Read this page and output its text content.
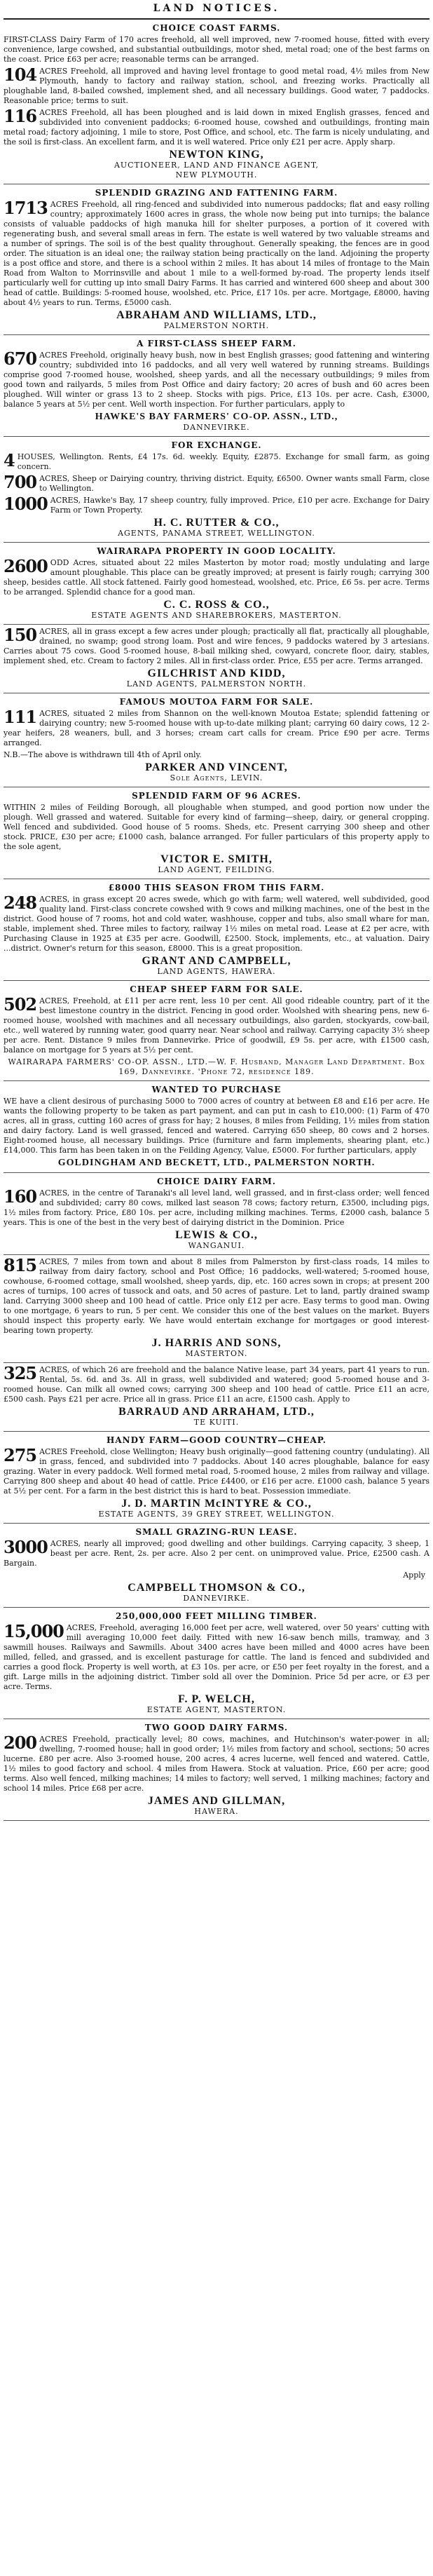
LAND NOTICES.
CHOICE COAST FARMS.
FIRST-CLASS Dairy Farm of 170 acres freehold, all well improved, new 7-roomed house, fitted with every convenience, large cowshed, and substantial outbuildings, motor shed, metal road; one of the best farms on the coast. Price £63 per acre; reasonable terms can be arranged.
104 ACRES Freehold, all improved and having level frontage to good metal road, 4½ miles from New Plymouth, handy to factory and railway station, school, and freezing works. Practically all ploughable land, 8-bailed cowshed, implement shed, and all necessary buildings. Good water, 7 paddocks. Reasonable price; terms to suit.
116 ACRES Freehold, all has been ploughed and is laid down in mixed English grasses, fenced and subdivided into convenient paddocks; 6-roomed house, cowshed and outbuildings, fronting main metal road; factory adjoining, 1 mile to store, Post Office, and school, etc. The farm is nicely undulating, and the soil is first-class. An excellent farm, and it is well watered. Price only £21 per acre. Apply sharp.
NEWTON KING,
AUCTIONEER, LAND AND FINANCE AGENT,
NEW PLYMOUTH.
SPLENDID GRAZING AND FATTENING FARM.
1713 ACRES Freehold, all ring-fenced and subdivided into numerous paddocks; flat and easy rolling country; approximately 1600 acres in grass, the whole now being put into turnips; the balance consists of valuable paddocks of high manuka hill for shelter purposes, a portion of it covered with regenerating bush, and several small areas in fern. The estate is well watered by two valuable streams and a number of springs. The soil is of the best quality throughout. Generally speaking, the fences are in good order. The situation is an ideal one; the railway station being practically on the land. Adjoining the property is a post office and store, and there is a school within 2 miles. It has about 14 miles of frontage to the Main Road from Walton to Morrinsville and about 1 mile to a well-formed by-road. The property lends itself particularly well for cutting up into small Dairy Farms. It has carried and wintered 600 sheep and about 300 head of cattle. Buildings: 5-roomed house, woolshed, etc. Price, £17 10s. per acre. Mortgage, £8000, having about 4½ years to run. Terms, £5000 cash.
ABRAHAM AND WILLIAMS, LTD.,
PALMERSTON NORTH.
A FIRST-CLASS SHEEP FARM.
670 ACRES Freehold, originally heavy bush, now in best English grasses; good fattening and wintering country; subdivided into 16 paddocks, and all very well watered by running streams. Buildings comprise good 7-roomed house, woolshed, sheep yards, and all the necessary outbuildings; 9 miles from good town and railyards, 5 miles from Post Office and dairy factory; 20 acres of bush and 60 acres been ploughed. Will winter or grass 13 to 2 sheep. Stocks with pigs. Price, £13 10s. per acre. Cash, £3000, balance 5 years at 5½ per cent. Well worth inspection. For further particulars, apply to
HAWKE'S BAY FARMERS' CO-OP. ASSN., LTD.,
DANNEVIRKE.
FOR EXCHANGE.
4 HOUSES, Wellington. Rents, £4 17s. 6d. weekly. Equity, £2875. Exchange for small farm, as going concern.
700 ACRES, Sheep or Dairying country, thriving district. Equity, £6500. Owner wants small Farm, close to Wellington.
1000 ACRES, Hawke's Bay, 17 sheep country, fully improved. Price, £10 per acre. Exchange for Dairy Farm or Town Property.
H. C. RUTTER & CO.,
AGENTS, PANAMA STREET, WELLINGTON.
WAIRARAPA PROPERTY IN GOOD LOCALITY.
2600 ODD Acres, situated about 22 miles Masterton by motor road; mostly undulating and large amount ploughable. This place can be greatly improved; at present is fairly rough; carrying 300 sheep, besides cattle. All stock fattened. Fairly good homestead, woolshed, etc. Price, £6 5s. per acre. Terms to be arranged. Splendid chance for a good man.
C. C. ROSS & CO.,
ESTATE AGENTS AND SHAREBROKERS, MASTERTON.
150 ACRES, all in grass except a few acres under plough; practically all flat, practically all ploughable, drained, no swamp; good strong loam. Post and wire fences, 9 paddocks watered by 3 artesians. Carries about 75 cows. Good 5-roomed house, 8-bail milking shed, cowyard, concrete floor, dairy, stables, implement shed, etc. Cream to factory 2 miles. All in first-class order. Price, £55 per acre. Terms arranged.
GILCHRIST AND KIDD,
LAND AGENTS, PALMERSTON NORTH.
FAMOUS MOUTOA FARM FOR SALE.
111 ACRES, situated 2 miles from Shannon on the well-known Moutoa Estate; splendid fattening or dairying country; new 5-roomed house with up-to-date milking plant; carrying 60 dairy cows, 12 2-year heifers, 28 weaners, bull, and 3 horses; cream cart calls for cream. Price £90 per acre. Terms arranged.
N.B.—The above is withdrawn till 4th of April only.
PARKER AND VINCENT,
Sole Agents, LEVIN.
SPLENDID FARM OF 96 ACRES.
WITHIN 2 miles of Feilding Borough, all ploughable when stumped, and good portion now under the plough. Well grassed and watered. Suitable for every kind of farming—sheep, dairy, or general cropping. Well fenced and subdivided. Good house of 5 rooms. Sheds, etc. Present carrying 300 sheep and other stock. PRICE, £30 per acre; £1000 cash, balance arranged. For fuller particulars of this property apply to the sole agent,
VICTOR E. SMITH,
LAND AGENT, FEILDING.
£8000 THIS SEASON FROM THIS FARM.
248 ACRES, in grass except 20 acres swede, which go with farm; well watered, well subdivided, good quality land. First-class concrete cowshed with 9 cows and milking machines, one of the best in the district. Good house of 7 rooms, hot and cold water, washhouse, copper and tubs, also small whare for man, stable, implement shed. Three miles to factory, railway 1½ miles on metal road. Lease at £2 per acre, with Purchasing Clause in 1925 at £35 per acre. Goodwill, £2500. Stock, implements, etc., at valuation. Dairy ...district. Owner's return for this season, £8000. This is a great proposition.
GRANT AND CAMPBELL,
LAND AGENTS, HAWERA.
CHEAP SHEEP FARM FOR SALE.
502 ACRES, Freehold, at £11 per acre rent, less 10 per cent. All good rideable country, part of it the best limestone country in the district. Fencing in good order. Woolshed with shearing pens, new 6-roomed house, woolshed with machines and all necessary outbuildings, also garden, stockyards, cow-bail, etc., well watered by running water, good quarry near. Near school and railway. Carrying capacity 3½ sheep per acre. Rent. Distance 9 miles from Dannevirke. Price of goodwill, £9 5s. per acre, with £1500 cash, balance on mortgage for 5 years at 5½ per cent.
WAIRARAPA FARMERS' CO-OP. ASSN., LTD.—W. F. Husband, Manager Land Department. Box 169, Dannevirke. 'Phone 72, residence 189.
WANTED TO PURCHASE
WE have a client desirous of purchasing 5000 to 7000 acres of country at between £8 and £16 per acre. He wants the following property to be taken as part payment, and can put in cash to £10,000: (1) Farm of 470 acres, all in grass, cutting 160 acres of grass for hay; 2 houses, 8 miles from Feilding, 1½ miles from station and dairy factory. Land is well grassed, fenced and watered. Carrying 650 sheep, 80 cows and 2 horses. Eight-roomed house, all necessary buildings. Price (furniture and farm implements, shearing plant, etc.) £14,000. This farm has been taken in on the Feilding Agency, Value, £5000. For further particulars, apply
GOLDINGHAM AND BECKETT, LTD., PALMERSTON NORTH.
CHOICE DAIRY FARM.
160 ACRES, in the centre of Taranaki's all level land, well grassed, and in first-class order; well fenced and subdivided; carry 80 cows, milked last season 78 cows; factory return, £3500, including pigs, 1½ miles from factory. Price, £80 10s. per acre, including milking machines. Terms, £2000 cash, balance 5 years. This is one of the best in the very best of dairying district in the Dominion. Price
LEWIS & CO.,
WANGANUI.
815 ACRES, 7 miles from town and about 8 miles from Palmerston by first-class roads, 14 miles to railway from dairy factory, school and Post Office; 16 paddocks, well-watered; 5-roomed house, cowhouse, 6-roomed cottage, small woolshed, sheep yards, dip, etc. 160 acres sown in crops; at present 200 acres of turnips, 100 acres of tussock and oats, and 50 acres of pasture. Let to land, partly drained swamp land. Carrying 3000 sheep and 100 head of cattle. Price only £12 per acre. Easy terms to good man. Owing to one mortgage, 6 years to run, 5 per cent. We consider this one of the best values on the market. Buyers should inspect this property early. We have would entertain exchange for mortgages or good interest-bearing town property.
J. HARRIS AND SONS,
MASTERTON.
325 ACRES, of which 26 are freehold and the balance Native lease, part 34 years, part 41 years to run. Rental, 5s. 6d. and 3s. All in grass, well subdivided and watered; good 5-roomed house and 3-roomed house. Can milk all owned cows; carrying 300 sheep and 100 head of cattle. Price £11 an acre, £500 cash. Pays £21 per acre. Price all in grass. Price £11 an acre, £1500 cash. Apply to
BARRAUD AND ARRAHAM, LTD.,
TE KUITI.
HANDY FARM—GOOD COUNTRY—CHEAP.
275 ACRES Freehold, close Wellington; Heavy bush originally—good fattening country (undulating). All in grass, fenced, and subdivided into 7 paddocks. About 140 acres ploughable, balance for easy grazing. Water in every paddock. Well formed metal road, 5-roomed house, 2 miles from railway and village. Carrying 800 sheep and about 40 head of cattle. Price £4400, or £16 per acre. £1000 cash, balance 5 years at 5½ per cent. For a farm in the best district this is hard to beat. Possession immediate.
J. D. MARTIN McINTYRE & CO.,
ESTATE AGENTS, 39 GREY STREET, WELLINGTON.
SMALL GRAZING-RUN LEASE.
3000 ACRES, nearly all improved; good dwelling and other buildings. Carrying capacity, 3 sheep, 1 beast per acre. Rent, 2s. per acre. Also 2 per cent. on unimproved value. Price, £2500 cash. A Bargain.
Apply
CAMPBELL THOMSON & CO.,
DANNEVIRKE.
250,000,000 FEET MILLING TIMBER.
15,000 ACRES, Freehold, averaging 16,000 feet per acre, well watered, over 50 years' cutting with mill averaging 10,000 feet daily. Fitted with new 16-saw bench mills, tramway, and 3 sawmill houses. Railways and Sawmills. About 3400 acres have been milled and 4000 acres have been milled, felled, and grassed, and is excellent pasturage for cattle. The land is fenced and subdivided and carries a good flock. Property is well worth, at £3 10s. per acre, or £50 per feet royalty in the forest, and a gift. Large mills in the adjoining district. Timber sold all over the Dominion. Price 5d per acre, or £3 per acre. Terms.
F. P. WELCH,
ESTATE AGENT, MASTERTON.
TWO GOOD DAIRY FARMS.
200 ACRES Freehold, practically level; 80 cows, machines, and Hutchinson's water-power in all; dwelling, 7-roomed house; hall in good order; 1½ miles from factory and school, sections; 50 acres lucerne. £80 per acre. Also 3-roomed house, 200 acres, 4 acres lucerne, well fenced and watered. Cattle, 1½ miles to good factory and school. 4 miles from Hawera. Stock at valuation. Price, £60 per acre; good terms. Also well fenced, milking machines; 14 miles to factory; well served, 1 milking machines; factory and school 14 miles. Price £68 per acre.
JAMES AND GILLMAN,
HAWERA.
